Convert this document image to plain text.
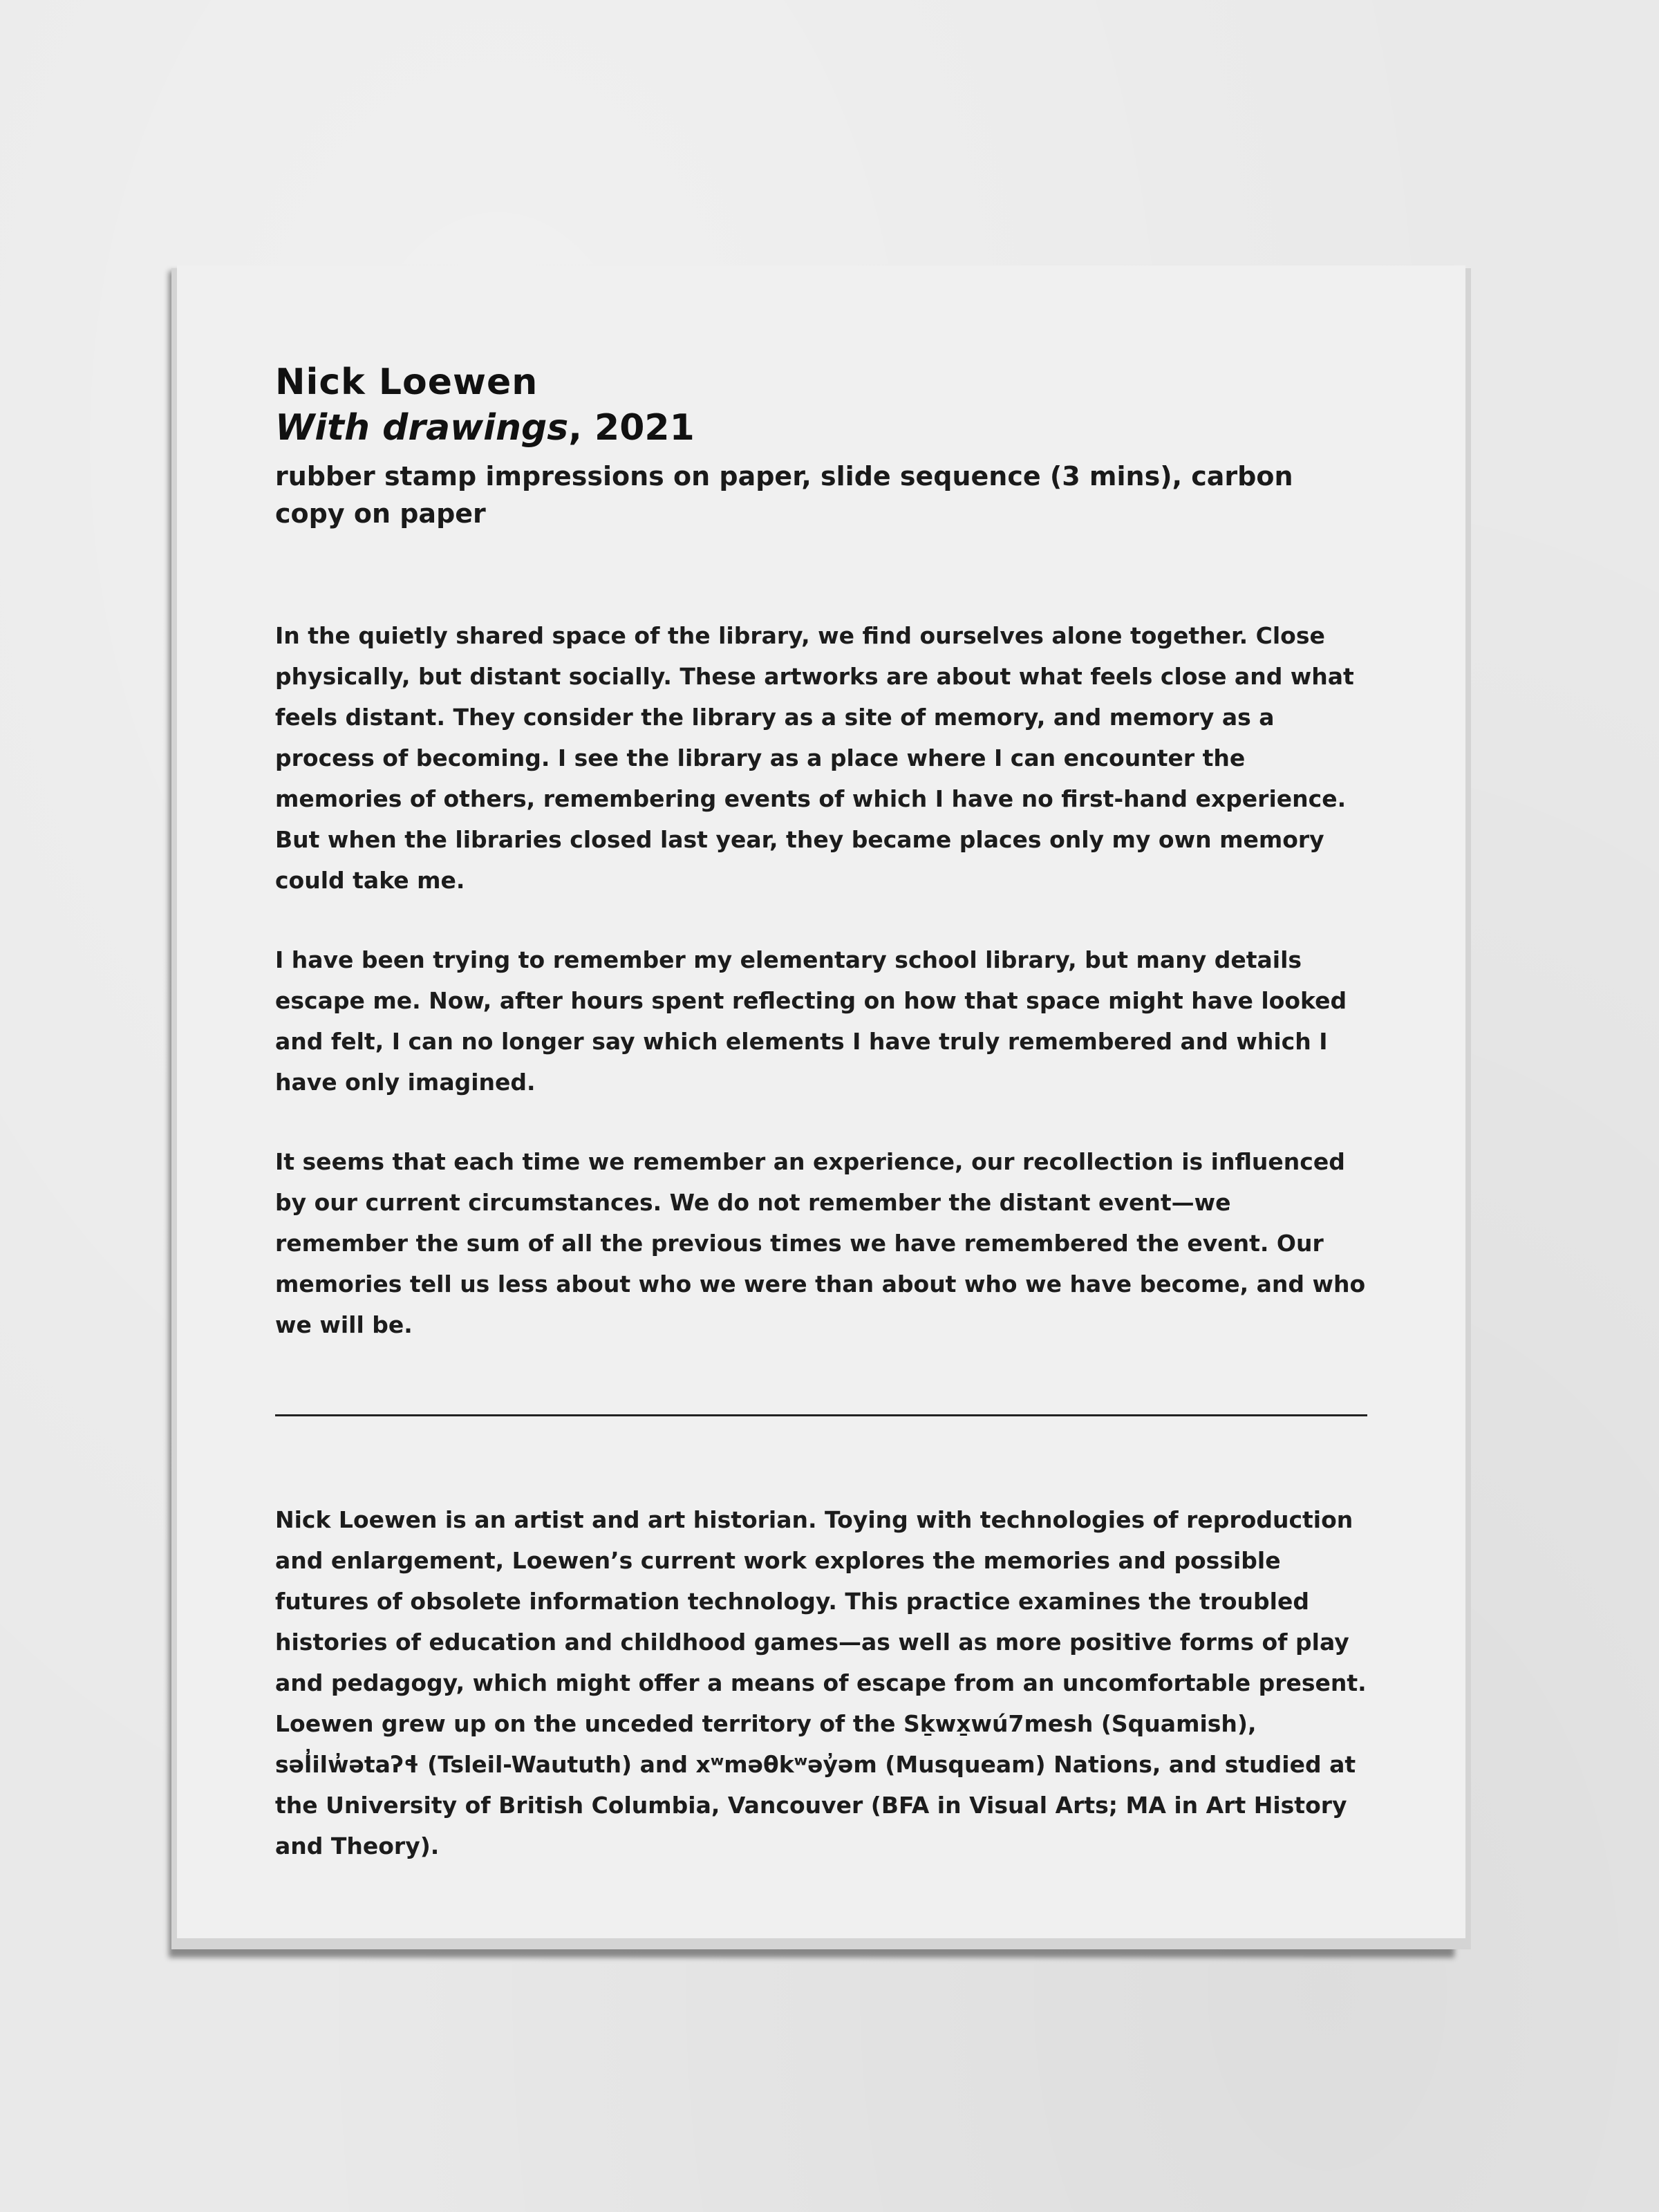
Nick Loewen

With drawings, 2021

rubber stamp impressions on paper, slide sequence (3 mins), carbon copy on paper

In the quietly shared space of the library, we find ourselves alone together. Close physically, but distant socially. These artworks are about what feels close and what feels distant. They consider the library as a site of memory, and memory as a process of becoming. I see the library as a place where I can encounter the memories of others, remembering events of which I have no first-hand experience. But when the libraries closed last year, they became places only my own memory could take me.

I have been trying to remember my elementary school library, but many details escape me. Now, after hours spent reflecting on how that space might have looked and felt, I can no longer say which elements I have truly remembered and which I have only imagined.

It seems that each time we remember an experience, our recollection is influenced by our current circumstances. We do not remember the distant event—we remember the sum of all the previous times we have remembered the event. Our memories tell us less about who we were than about who we have become, and who we will be.

Nick Loewen is an artist and art historian. Toying with technologies of reproduction and enlargement, Loewen’s current work explores the memories and possible futures of obsolete information technology. This practice examines the troubled histories of education and childhood games—as well as more positive forms of play and pedagogy, which might offer a means of escape from an uncomfortable present. Loewen grew up on the unceded territory of the Sḵwx̱wú7mesh (Squamish), səl̓ilw̓ətaʔɬ (Tsleil-Waututh) and xʷməθkʷəy̓əm (Musqueam) Nations, and studied at the University of British Columbia, Vancouver (BFA in Visual Arts; MA in Art History and Theory).
